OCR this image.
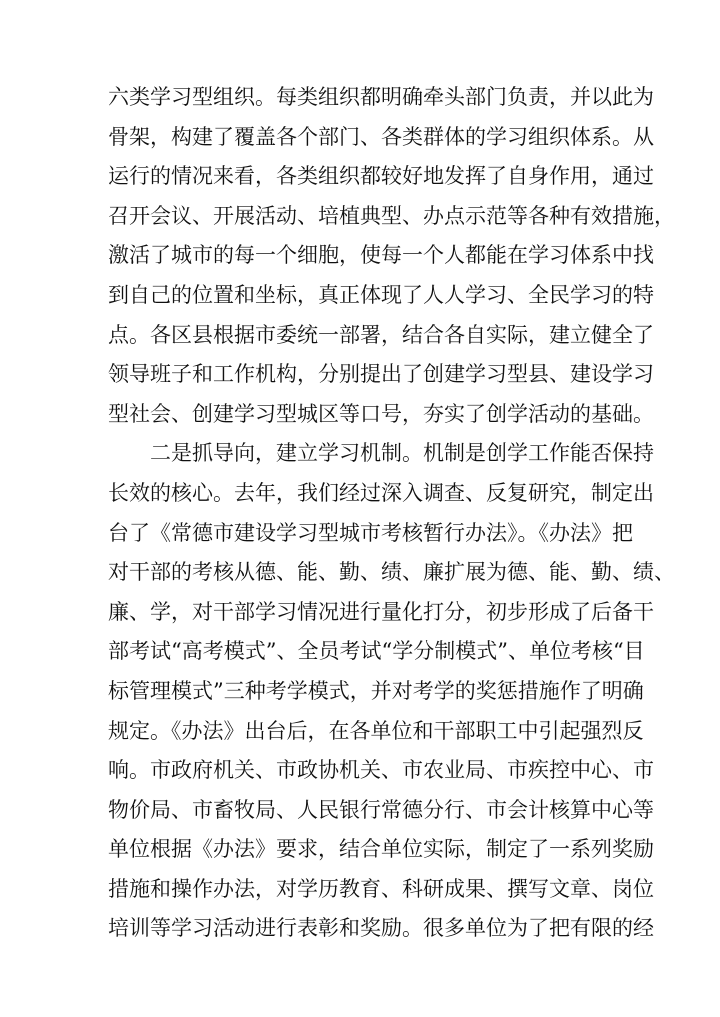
六类学习型组织。每类组织都明确牵头部门负责，并以此为
骨架，构建了覆盖各个部门、各类群体的学习组织体系。从
运行的情况来看，各类组织都较好地发挥了自身作用，通过
召开会议、开展活动、培植典型、办点示范等各种有效措施，
激活了城市的每一个细胞，使每一个人都能在学习体系中找
到自己的位置和坐标，真正体现了人人学习、全民学习的特
点。各区县根据市委统一部署，结合各自实际，建立健全了
领导班子和工作机构，分别提出了创建学习型县、建设学习
型社会、创建学习型城区等口号，夯实了创学活动的基础。
　　二是抓导向，建立学习机制。机制是创学工作能否保持
长效的核心。去年，我们经过深入调查、反复研究，制定出
台了《常德市建设学习型城市考核暂行办法》。《办法》把
对干部的考核从德、能、勤、绩、廉扩展为德、能、勤、绩、
廉、学，对干部学习情况进行量化打分，初步形成了后备干
部考试“高考模式”、全员考试“学分制模式”、单位考核“目
标管理模式”三种考学模式，并对考学的奖惩措施作了明确
规定。《办法》出台后，在各单位和干部职工中引起强烈反
响。市政府机关、市政协机关、市农业局、市疾控中心、市
物价局、市畜牧局、人民银行常德分行、市会计核算中心等
单位根据《办法》要求，结合单位实际，制定了一系列奖励
措施和操作办法，对学历教育、科研成果、撰写文章、岗位
培训等学习活动进行表彰和奖励。很多单位为了把有限的经
